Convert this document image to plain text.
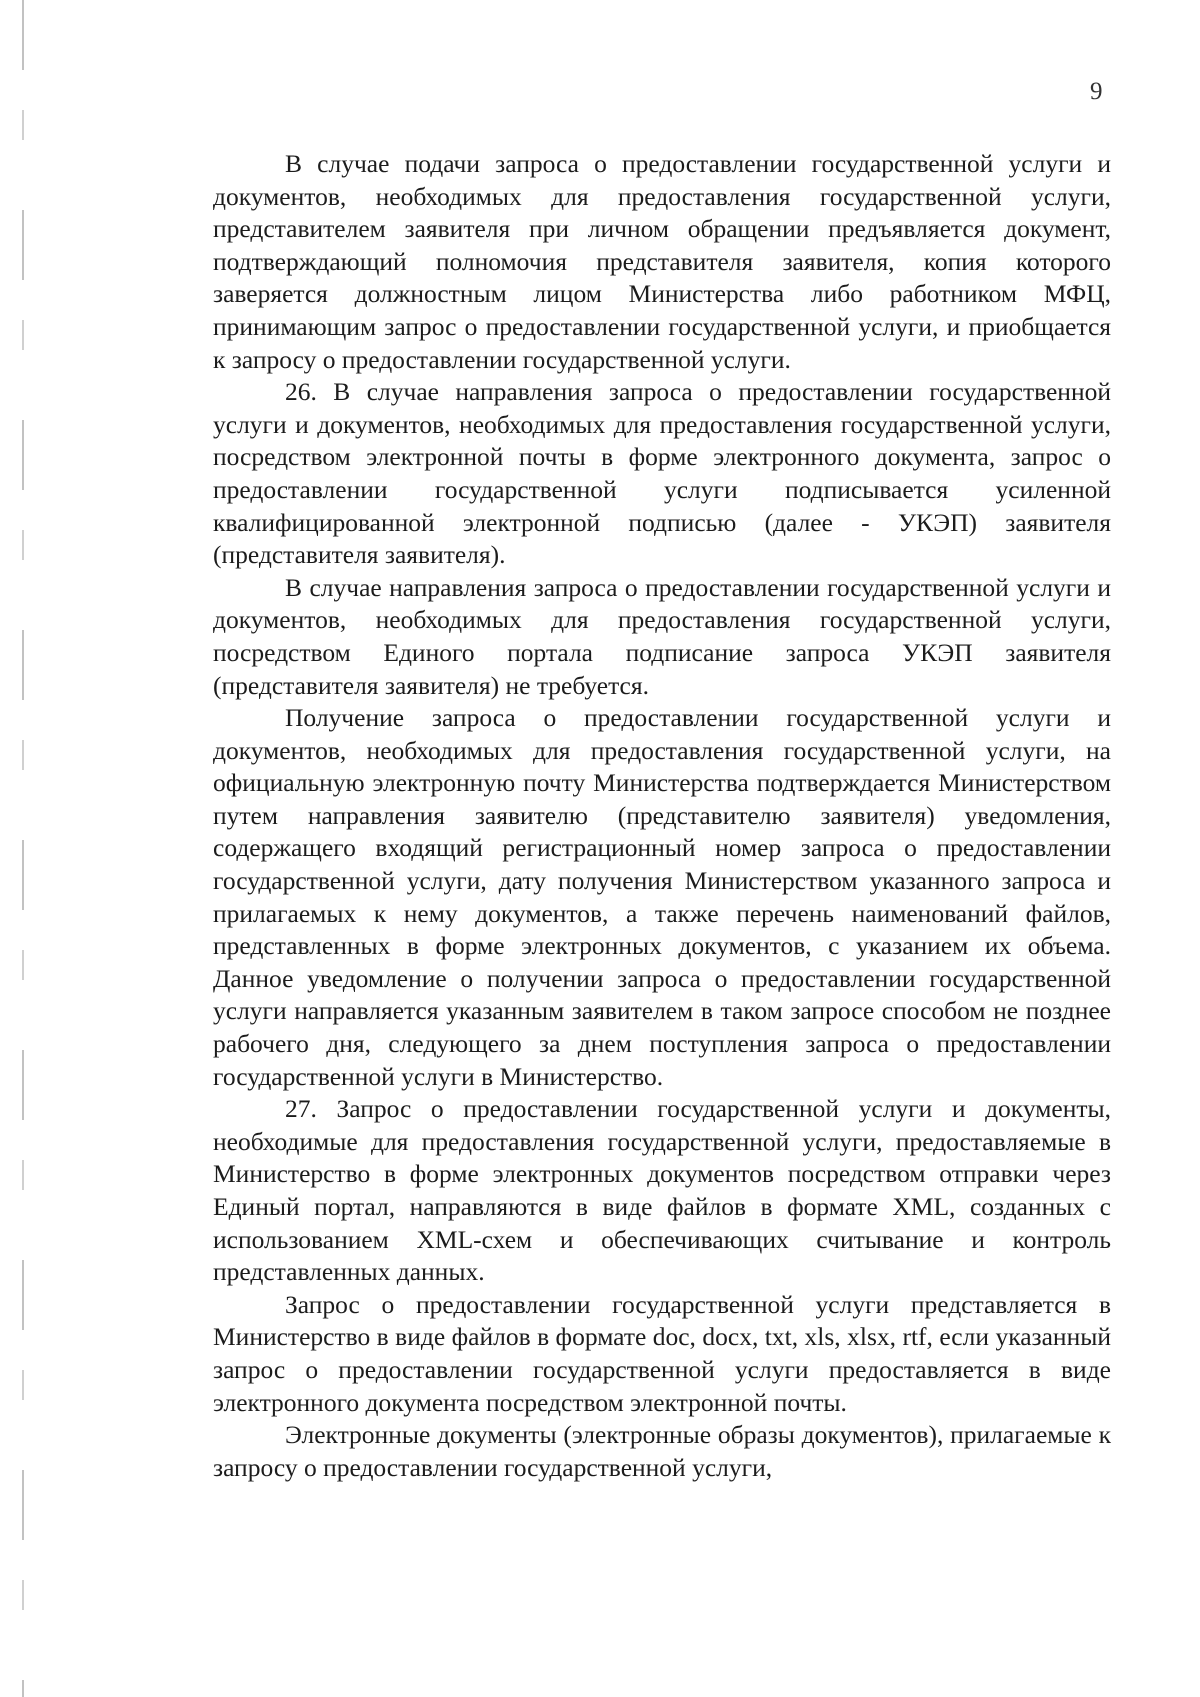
9

В случае подачи запроса о предоставлении государственной услуги и документов, необходимых для предоставления государственной услуги, представителем заявителя при личном обращении предъявляется документ, подтверждающий полномочия представителя заявителя, копия которого заверяется должностным лицом Министерства либо работником МФЦ, принимающим запрос о предоставлении государственной услуги, и приобщается к запросу о предоставлении государственной услуги.

26. В случае направления запроса о предоставлении государственной услуги и документов, необходимых для предоставления государственной услуги, посредством электронной почты в форме электронного документа, запрос о предоставлении государственной услуги подписывается усиленной квалифицированной электронной подписью (далее - УКЭП) заявителя (представителя заявителя).

В случае направления запроса о предоставлении государственной услуги и документов, необходимых для предоставления государственной услуги, посредством Единого портала подписание запроса УКЭП заявителя (представителя заявителя) не требуется.

Получение запроса о предоставлении государственной услуги и документов, необходимых для предоставления государственной услуги, на официальную электронную почту Министерства подтверждается Министерством путем направления заявителю (представителю заявителя) уведомления, содержащего входящий регистрационный номер запроса о предоставлении государственной услуги, дату получения Министерством указанного запроса и прилагаемых к нему документов, а также перечень наименований файлов, представленных в форме электронных документов, с указанием их объема. Данное уведомление о получении запроса о предоставлении государственной услуги направляется указанным заявителем в таком запросе способом не позднее рабочего дня, следующего за днем поступления запроса о предоставлении государственной услуги в Министерство.

27. Запрос о предоставлении государственной услуги и документы, необходимые для предоставления государственной услуги, предоставляемые в Министерство в форме электронных документов посредством отправки через Единый портал, направляются в виде файлов в формате XML, созданных с использованием XML-схем и обеспечивающих считывание и контроль представленных данных.

Запрос о предоставлении государственной услуги представляется в Министерство в виде файлов в формате doc, docx, txt, xls, xlsx, rtf, если указанный запрос о предоставлении государственной услуги предоставляется в виде электронного документа посредством электронной почты.

Электронные документы (электронные образы документов), прилагаемые к запросу о предоставлении государственной услуги,
